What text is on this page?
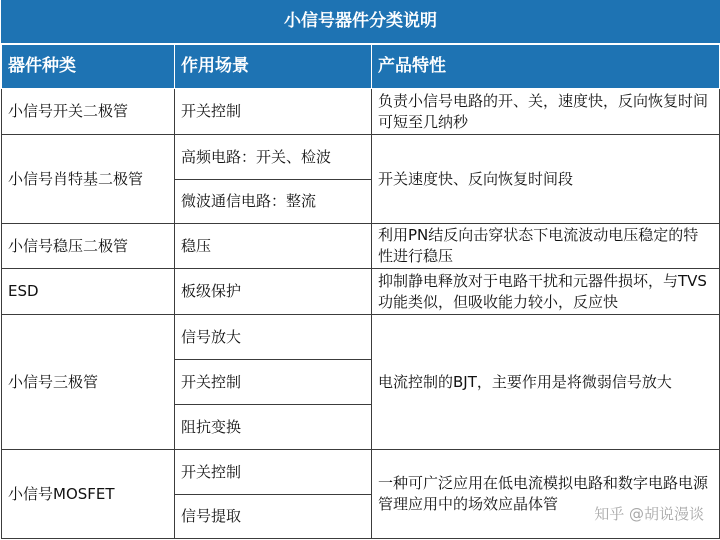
小信号器件分类说明		
器件种类	作用场景	产品特性
小信号开关二极管	开关控制	负责小信号电路的开、关，速度快，反向恢复时间可短至几纳秒
小信号肖特基二极管	高频电路：开关、检波	开关速度快、反向恢复时间段
	微波通信电路：整流	
小信号稳压二极管	稳压	利用PN结反向击穿状态下电流波动电压稳定的特性进行稳压
ESD	板级保护	抑制静电释放对于电路干扰和元器件损坏，与TVS功能类似，但吸收能力较小，反应快
小信号三极管	信号放大	电流控制的BJT，主要作用是将微弱信号放大
	开关控制	
	阻抗变换	
小信号MOSFET	开关控制	一种可广泛应用在低电流模拟电路和数字电路电源管理应用中的场效应晶体管
	信号提取		知乎 @胡说漫谈
